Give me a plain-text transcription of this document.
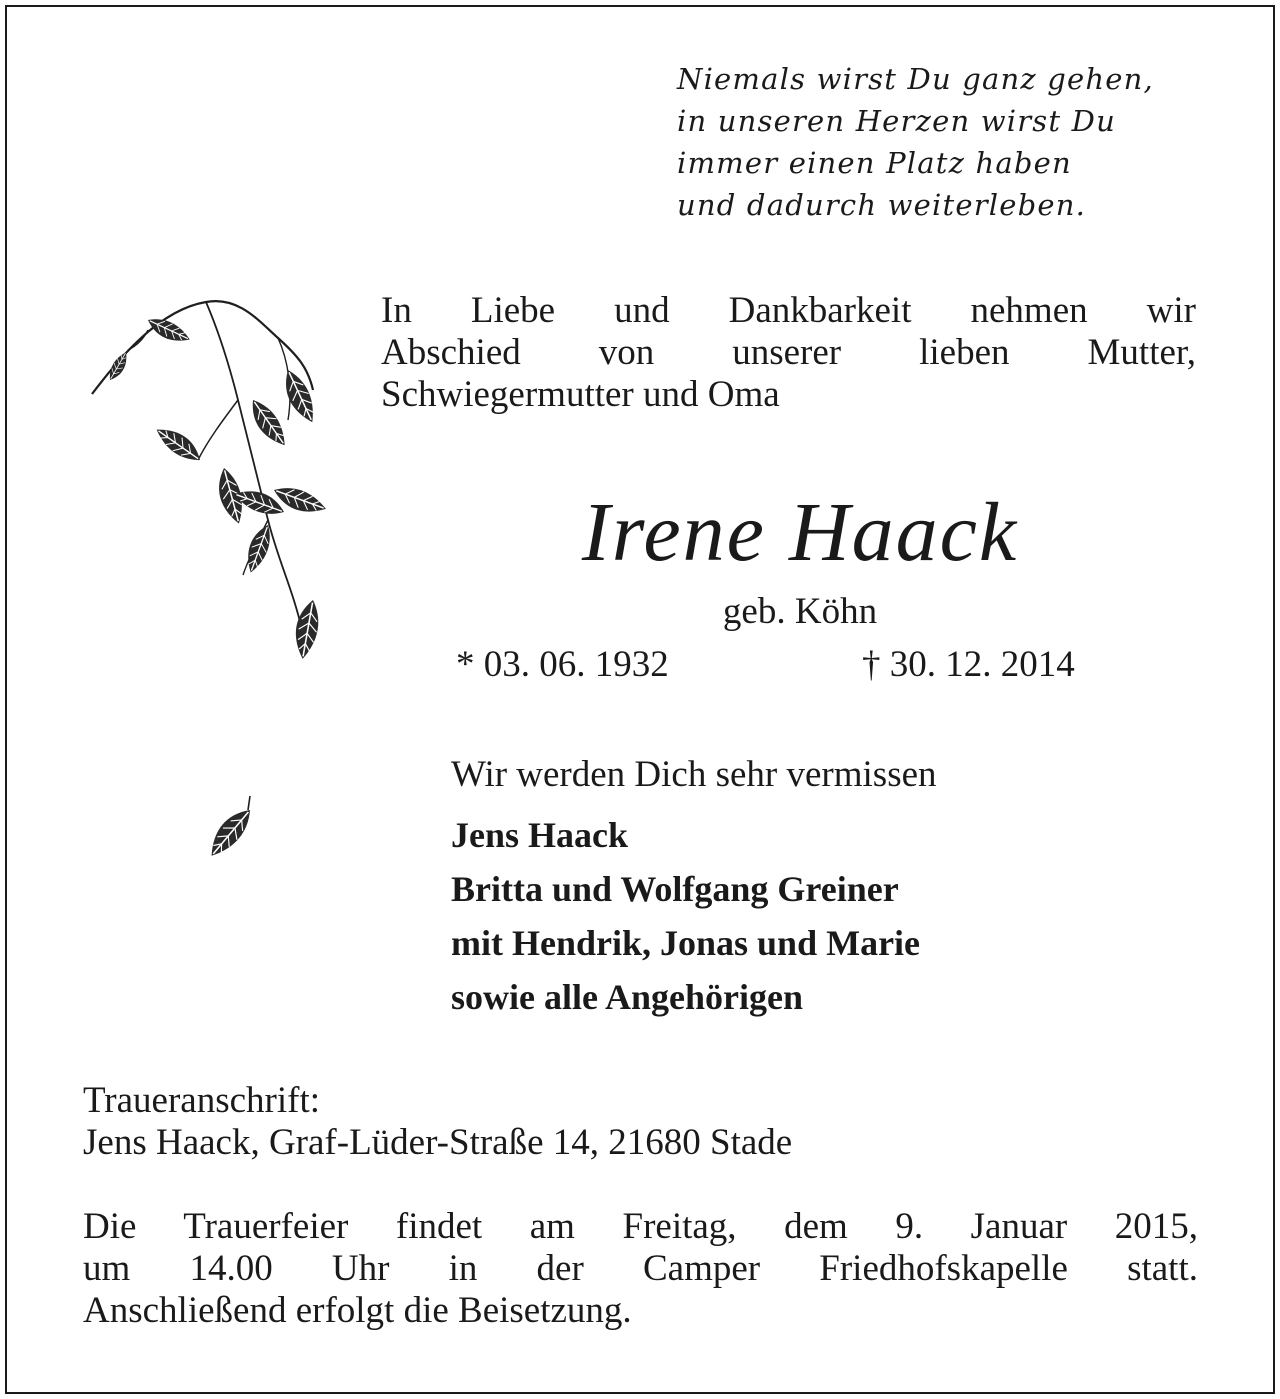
Niemals wirst Du ganz gehen,
in unseren Herzen wirst Du
immer einen Platz haben
und dadurch weiterleben.
In Liebe und Dankbarkeit nehmen wir
Abschied von unserer lieben Mutter,
Schwiegermutter und Oma
Irene Haack
geb. Köhn
* 03. 06. 1932	† 30. 12. 2014
Wir werden Dich sehr vermissen
Jens Haack
Britta und Wolfgang Greiner
mit Hendrik, Jonas und Marie
sowie alle Angehörigen
Traueranschrift:
Jens Haack, Graf-Lüder-Straße 14, 21680 Stade
Die Trauerfeier findet am Freitag, dem 9. Januar 2015,
um 14.00 Uhr in der Camper Friedhofskapelle statt.
Anschließend erfolgt die Beisetzung.
